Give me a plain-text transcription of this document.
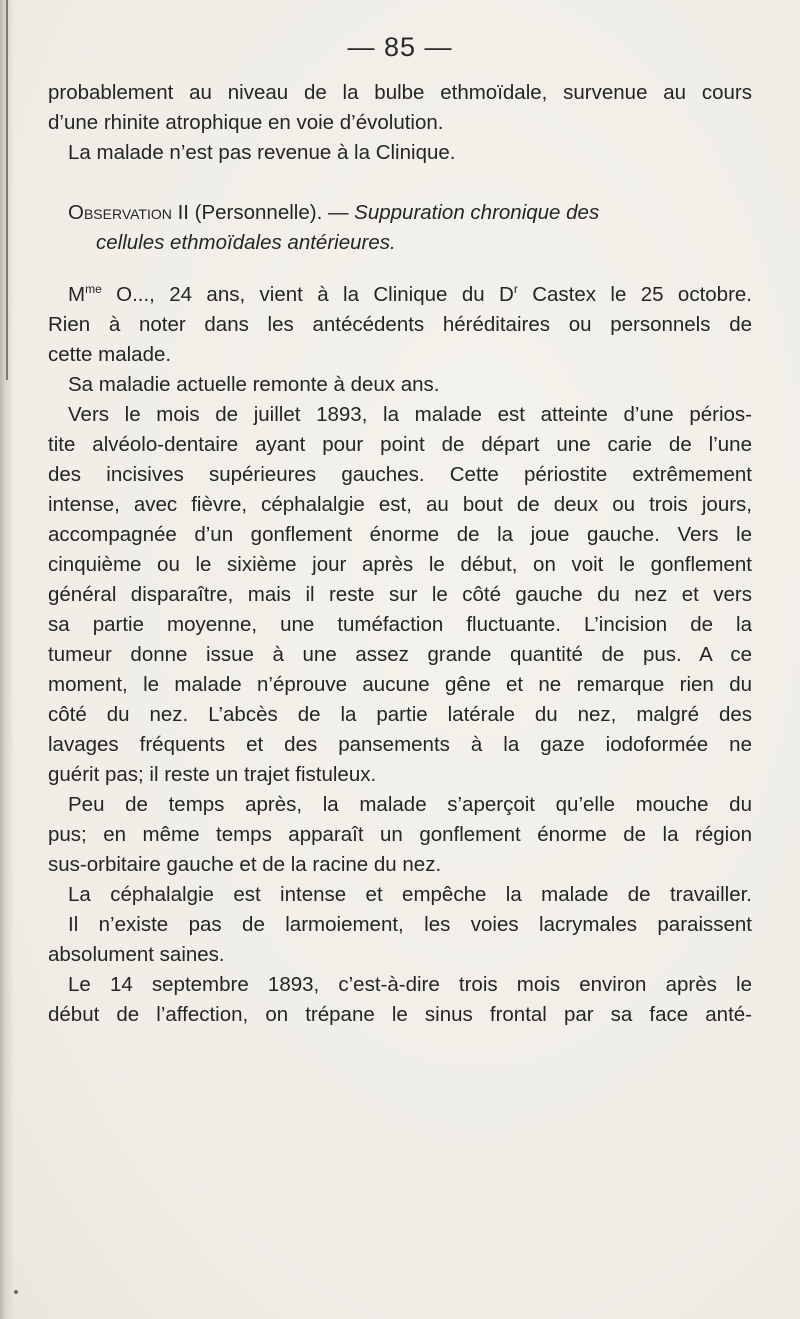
— 85 —
probablement au niveau de la bulbe ethmoïdale, survenue au cours
d’une rhinite atrophique en voie d’évolution.
La malade n’est pas revenue à la Clinique.
Observation II (Personnelle). — Suppuration chronique des
cellules ethmoïdales antérieures.
$M^{me}$ O..., 24 ans, vient à la Clinique du $D^r$ Castex le 25 octobre.
Rien à noter dans les antécédents héréditaires ou personnels de
cette malade.
Sa maladie actuelle remonte à deux ans.
Vers le mois de juillet 1893, la malade est atteinte d’une périos-
tite alvéolo-dentaire ayant pour point de départ une carie de l’une
des incisives supérieures gauches. Cette périostite extrêmement
intense, avec fièvre, céphalalgie est, au bout de deux ou trois jours,
accompagnée d’un gonflement énorme de la joue gauche. Vers le
cinquième ou le sixième jour après le début, on voit le gonflement
général disparaître, mais il reste sur le côté gauche du nez et vers
sa partie moyenne, une tuméfaction fluctuante. L’incision de la
tumeur donne issue à une assez grande quantité de pus. A ce
moment, le malade n’éprouve aucune gêne et ne remarque rien du
côté du nez. L’abcès de la partie latérale du nez, malgré des
lavages fréquents et des pansements à la gaze iodoformée ne
guérit pas; il reste un trajet fistuleux.
Peu de temps après, la malade s’aperçoit qu’elle mouche du
pus; en même temps apparaît un gonflement énorme de la région
sus-orbitaire gauche et de la racine du nez.
La céphalalgie est intense et empêche la malade de travailler.
Il n’existe pas de larmoiement, les voies lacrymales paraissent
absolument saines.
Le 14 septembre 1893, c’est-à-dire trois mois environ après le
début de l’affection, on trépane le sinus frontal par sa face anté-
